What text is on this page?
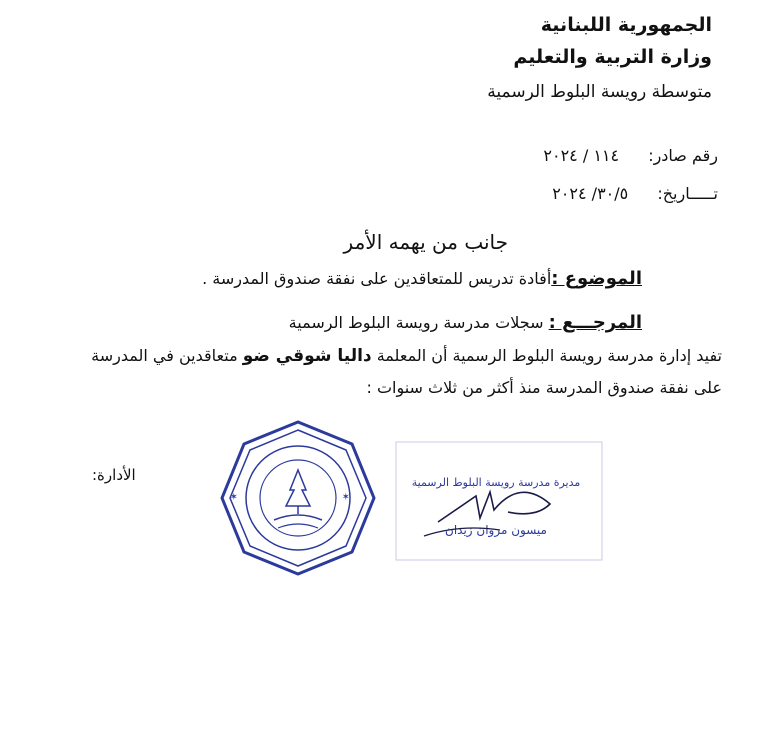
الجمهورية اللبنانية
وزارة التربية والتعليم
متوسطة رويسة البلوط الرسمية
رقم صادر: ١١٤ / ٢٠٢٤
تـــــاريخ: ٣٠/٥/ ٢٠٢٤
جانب من يهمه الأمر
الموضوع :أفادة تدريس للمتعاقدين على نفقة صندوق المدرسة .
المرجـــع : سجلات مدرسة رويسة البلوط الرسمية
تفيد إدارة مدرسة رويسة البلوط الرسمية أن المعلمة داليا شوقي ضو متعاقدين في المدرسة
على نفقة صندوق المدرسة منذ أكثر من ثلاث سنوات :
الأدارة:
✶	✶
مديرة مدرسة رويسة البلوط الرسمية
ميسون مروان زيدان
